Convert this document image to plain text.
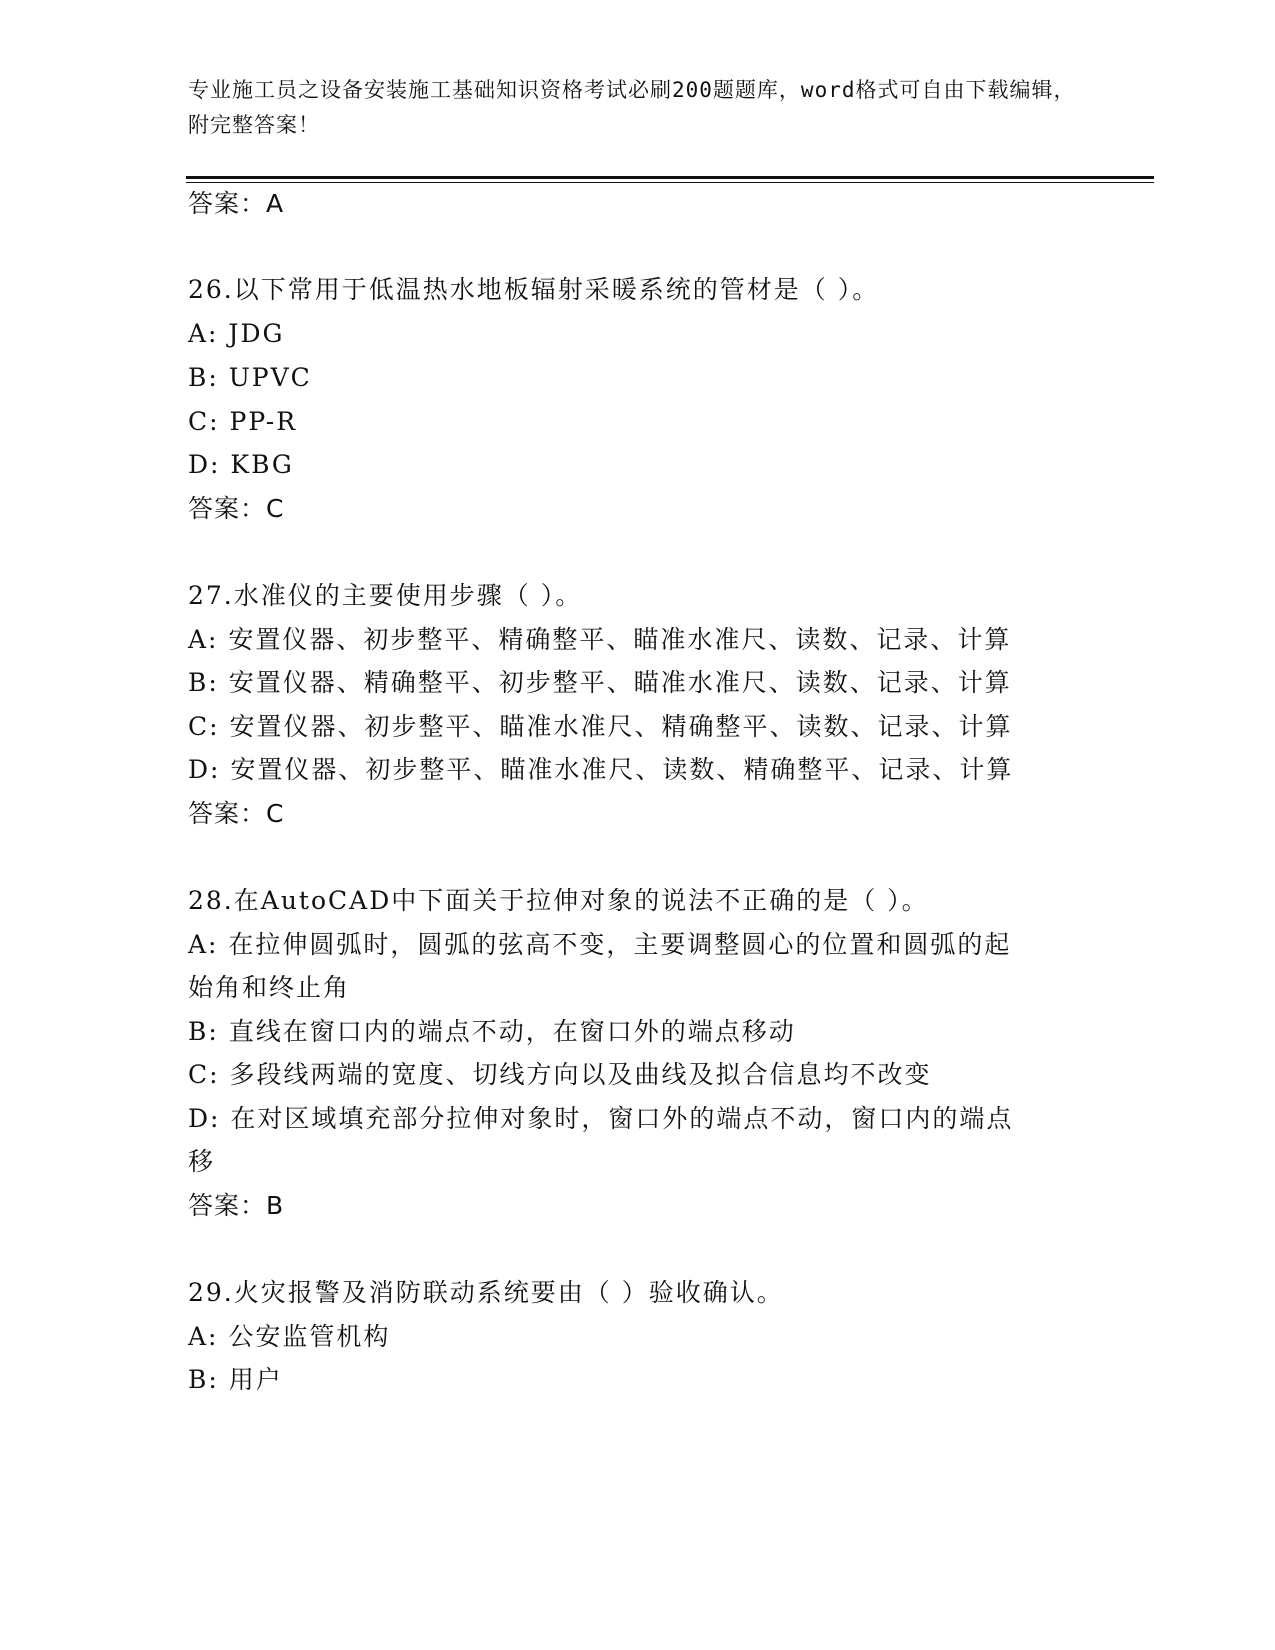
专业施工员之设备安装施工基础知识资格考试必刷200题题库，word格式可自由下载编辑，附完整答案！
答案：A
26.以下常用于低温热水地板辐射采暖系统的管材是（ ）。
A: JDG
B: UPVC
C: PP-R
D: KBG
答案：C
27.水准仪的主要使用步骤（ ）。
A: 安置仪器、初步整平、精确整平、瞄准水准尺、读数、记录、计算
B: 安置仪器、精确整平、初步整平、瞄准水准尺、读数、记录、计算
C: 安置仪器、初步整平、瞄准水准尺、精确整平、读数、记录、计算
D: 安置仪器、初步整平、瞄准水准尺、读数、精确整平、记录、计算
答案：C
28.在AutoCAD中下面关于拉伸对象的说法不正确的是（ ）。
A: 在拉伸圆弧时，圆弧的弦高不变，主要调整圆心的位置和圆弧的起
始角和终止角
B: 直线在窗口内的端点不动，在窗口外的端点移动
C: 多段线两端的宽度、切线方向以及曲线及拟合信息均不改变
D: 在对区域填充部分拉伸对象时，窗口外的端点不动，窗口内的端点
移
答案：B
29.火灾报警及消防联动系统要由（ ）验收确认。
A: 公安监管机构
B: 用户
